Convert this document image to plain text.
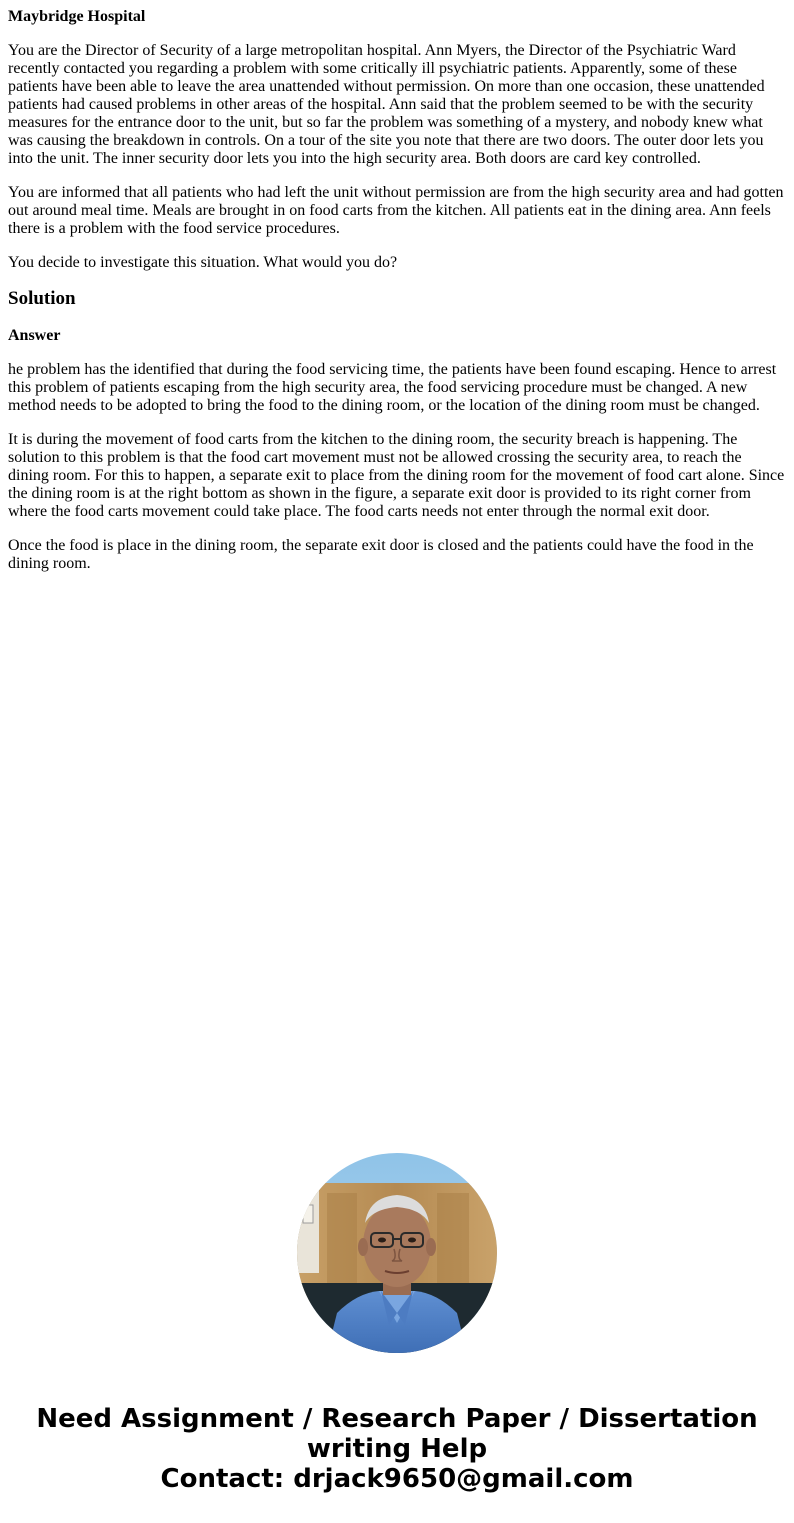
Maybridge Hospital

You are the Director of Security of a large metropolitan hospital. Ann Myers, the Director of the Psychiatric Ward recently contacted you regarding a problem with some critically ill psychiatric patients. Apparently, some of these patients have been able to leave the area unattended without permission. On more than one occasion, these unattended patients had caused problems in other areas of the hospital. Ann said that the problem seemed to be with the security measures for the entrance door to the unit, but so far the problem was something of a mystery, and nobody knew what was causing the breakdown in controls. On a tour of the site you note that there are two doors. The outer door lets you into the unit. The inner security door lets you into the high security area. Both doors are card key controlled.

You are informed that all patients who had left the unit without permission are from the high security area and had gotten out around meal time. Meals are brought in on food carts from the kitchen. All patients eat in the dining area. Ann feels there is a problem with the food service procedures.

You decide to investigate this situation. What would you do?

Solution
Answer

he problem has the identified that during the food servicing time, the patients have been found escaping. Hence to arrest this problem of patients escaping from the high security area, the food servicing procedure must be changed. A new method needs to be adopted to bring the food to the dining room, or the location of the dining room must be changed.

It is during the movement of food carts from the kitchen to the dining room, the security breach is happening. The solution to this problem is that the food cart movement must not be allowed crossing the security area, to reach the dining room. For this to happen, a separate exit to place from the dining room for the movement of food cart alone. Since the dining room is at the right bottom as shown in the figure, a separate exit door is provided to its right corner from where the food carts movement could take place. The food carts needs not enter through the normal exit door.

Once the food is place in the dining room, the separate exit door is closed and the patients could have the food in the dining room.

Need Assignment / Research Paper / Dissertation
writing Help
Contact: drjack9650@gmail.com
